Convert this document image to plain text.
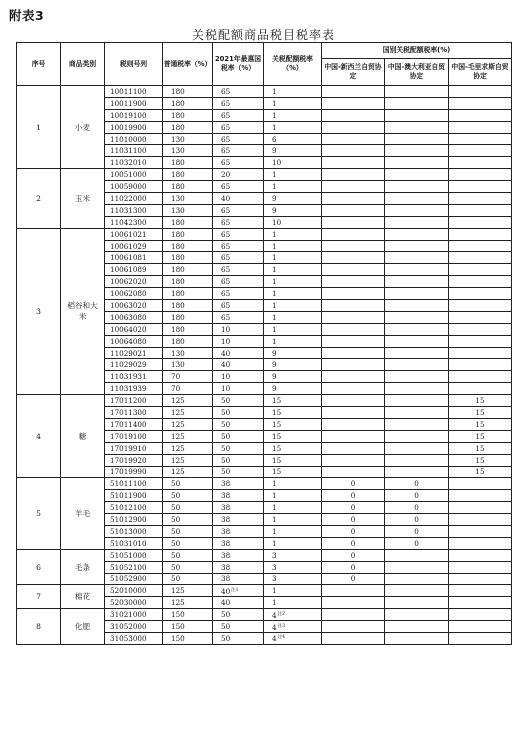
附表3
关税配额商品税目税率表
序号	商品类别	税则号列	普通税率（%）	2021年最惠国税率（%）	关税配额税率（%）	国别关税配额税率(%)		
						中国-新西兰自贸协定	中国-澳大利亚自贸协定	中国-毛里求斯自贸协定
1	小麦	10011100	180	65	1			
		10011900	180	65	1			
		10019100	180	65	1			
		10019900	180	65	1			
		11010000	130	65	6			
		11031100	130	65	9			
		11032010	180	65	10			
2	玉米	10051000	180	20	1			
		10059000	180	65	1			
		11022000	130	40	9			
		11031300	130	65	9			
		11042300	180	65	10			
3	稻谷和大米	10061021	180	65	1			
		10061029	180	65	1			
		10061081	180	65	1			
		10061089	180	65	1			
		10062020	180	65	1			
		10062080	180	65	1			
		10063020	180	65	1			
		10063080	180	65	1			
		10064020	180	10	1			
		10064080	180	10	1			
		11029021	130	40	9			
		11029029	130	40	9			
		11031931	70	10	9			
		11031939	70	10	9			
4	糖	17011200	125	50	15			15
		17011300	125	50	15			15
		17011400	125	50	15			15
		17019100	125	50	15			15
		17019910	125	50	15			15
		17019920	125	50	15			15
		17019990	125	50	15			15
5	羊毛	51011100	50	38	1	0	0	
		51011900	50	38	1	0	0	
		51012100	50	38	1	0	0	
		51012900	50	38	1	0	0	
		51013000	50	38	1	0	0	
		51031010	50	38	1	0	0	
6	毛条	51051000	50	38	3	0		
		51052100	50	38	3	0		
		51052900	50	38	3	0		
7	棉花	52010000	125	40$^{注1}$	1			
		52030000	125	40	1			
8	化肥	31021000	150	50	4$^{注2}$			
		31052000	150	50	4$^{注3}$			
		31053000	150	50	4$^{注4}$			
